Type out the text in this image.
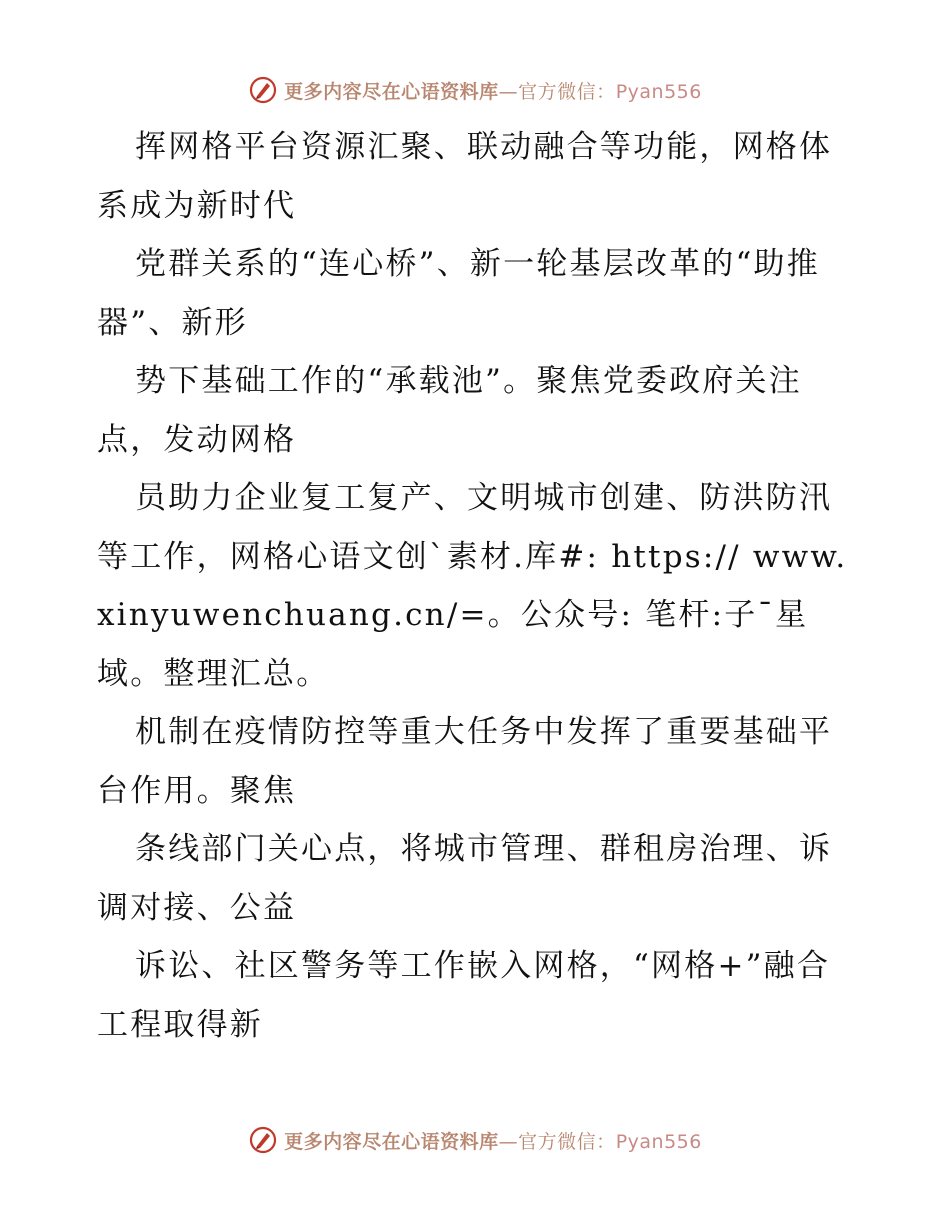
更多内容尽在心语资料库—官方微信：Pyan556

挥网格平台资源汇聚、联动融合等功能，网格体系成为新时代

党群关系的“连心桥”、新一轮基层改革的“助推器”、新形

势下基础工作的“承载池”。聚焦党委政府关注点，发动网格

员助力企业复工复产、文明城市创建、防洪防汛等工作，网格心语文创`素材.库#: https:// www.xinyuwenchuang.cn/=。公众号: 笔杆:子¯星域。整理汇总。

机制在疫情防控等重大任务中发挥了重要基础平台作用。聚焦

条线部门关心点，将城市管理、群租房治理、诉调对接、公益

诉讼、社区警务等工作嵌入网格，“网格+”融合工程取得新

更多内容尽在心语资料库—官方微信：Pyan556
